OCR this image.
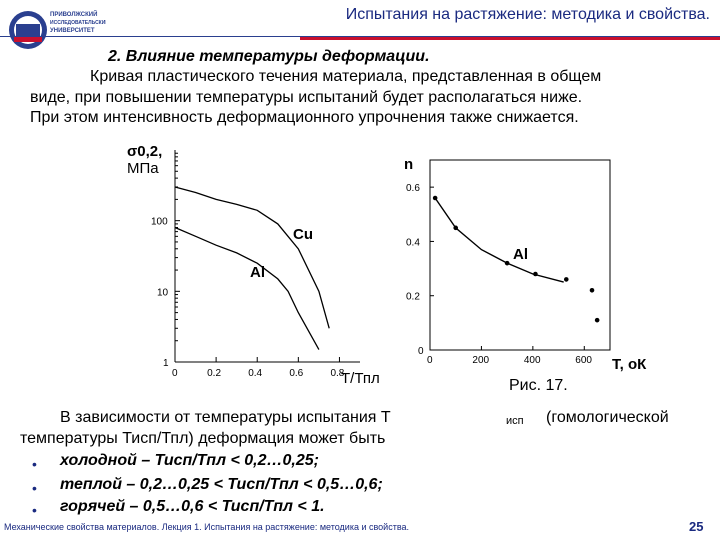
ПРИВОЛЖСКИЙ
ИССЛЕДОВАТЕЛЬСКИЙ
УНИВЕРСИТЕТ
Испытания на растяжение: методика и свойства.
2. Влияние температуры деформации.
Кривая пластического течения материала, представленная в общем
виде, при повышении температуры испытаний будет располагаться ниже.
При этом интенсивность деформационного упрочнения также снижается.
1
10
100
0	0.2	0.4	0.6	0.8
σ0,2,
МПа
Cu
Al
Т/Тпл
0.6
0.4
0.2
0
0	200	400	600
n
Al
Т, оК
Рис. 17.
В зависимости от температуры испытания Т	исп (гомологической
температуры Тисп/Тпл) деформация может быть
• холодной – Тисп/Тпл < 0,2…0,25;
• теплой – 0,2…0,25 < Тисп/Тпл < 0,5…0,6;
• горячей – 0,5…0,6 < Тисп/Тпл < 1.
Механические свойства материалов. Лекция 1. Испытания на растяжение: методика и свойства.	25
